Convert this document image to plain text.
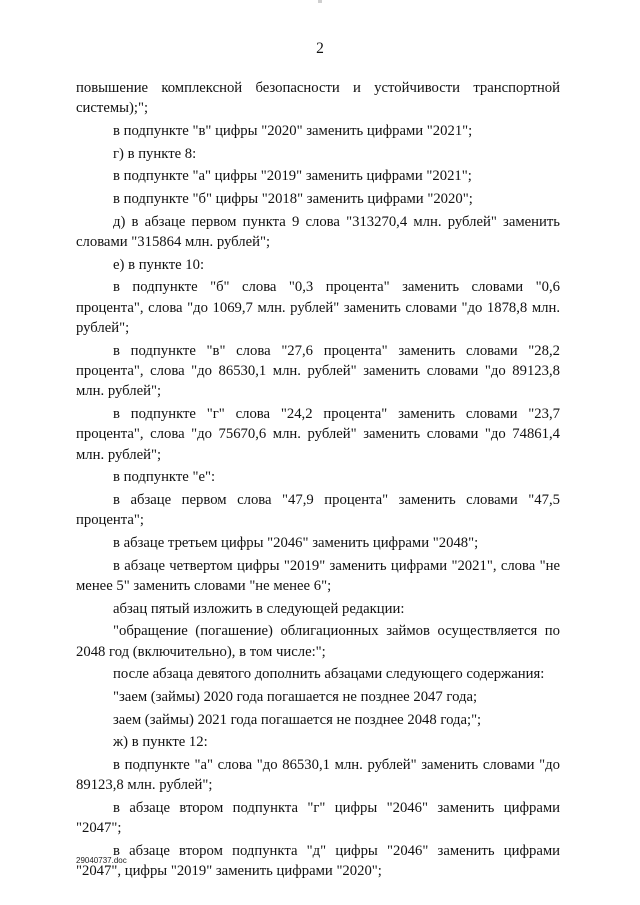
2

повышение комплексной безопасности и устойчивости транспортной системы);";

в подпункте "в" цифры "2020" заменить цифрами "2021";

г) в пункте 8:

в подпункте "а" цифры "2019" заменить цифрами "2021";

в подпункте "б" цифры "2018" заменить цифрами "2020";

д) в абзаце первом пункта 9 слова "313270,4 млн. рублей" заменить словами "315864 млн. рублей";

е) в пункте 10:

в подпункте "б" слова "0,3 процента" заменить словами "0,6 процента", слова "до 1069,7 млн. рублей" заменить словами "до 1878,8 млн. рублей";

в подпункте "в" слова "27,6 процента" заменить словами "28,2 процента", слова "до 86530,1 млн. рублей" заменить словами "до 89123,8 млн. рублей";

в подпункте "г" слова "24,2 процента" заменить словами "23,7 процента", слова "до 75670,6 млн. рублей" заменить словами "до 74861,4 млн. рублей";

в подпункте "е":

в абзаце первом слова "47,9 процента" заменить словами "47,5 процента";

в абзаце третьем цифры "2046" заменить цифрами "2048";

в абзаце четвертом цифры "2019" заменить цифрами "2021", слова "не менее 5" заменить словами "не менее 6";

абзац пятый изложить в следующей редакции:

"обращение (погашение) облигационных займов осуществляется по 2048 год (включительно), в том числе:";

после абзаца девятого дополнить абзацами следующего содержания:

"заем (займы) 2020 года погашается не позднее 2047 года;

заем (займы) 2021 года погашается не позднее 2048 года;";

ж) в пункте 12:

в подпункте "а" слова "до 86530,1 млн. рублей" заменить словами "до 89123,8 млн. рублей";

в абзаце втором подпункта "г" цифры "2046" заменить цифрами "2047";

в абзаце втором подпункта "д" цифры "2046" заменить цифрами "2047", цифры "2019" заменить цифрами "2020";

29040737.doc
